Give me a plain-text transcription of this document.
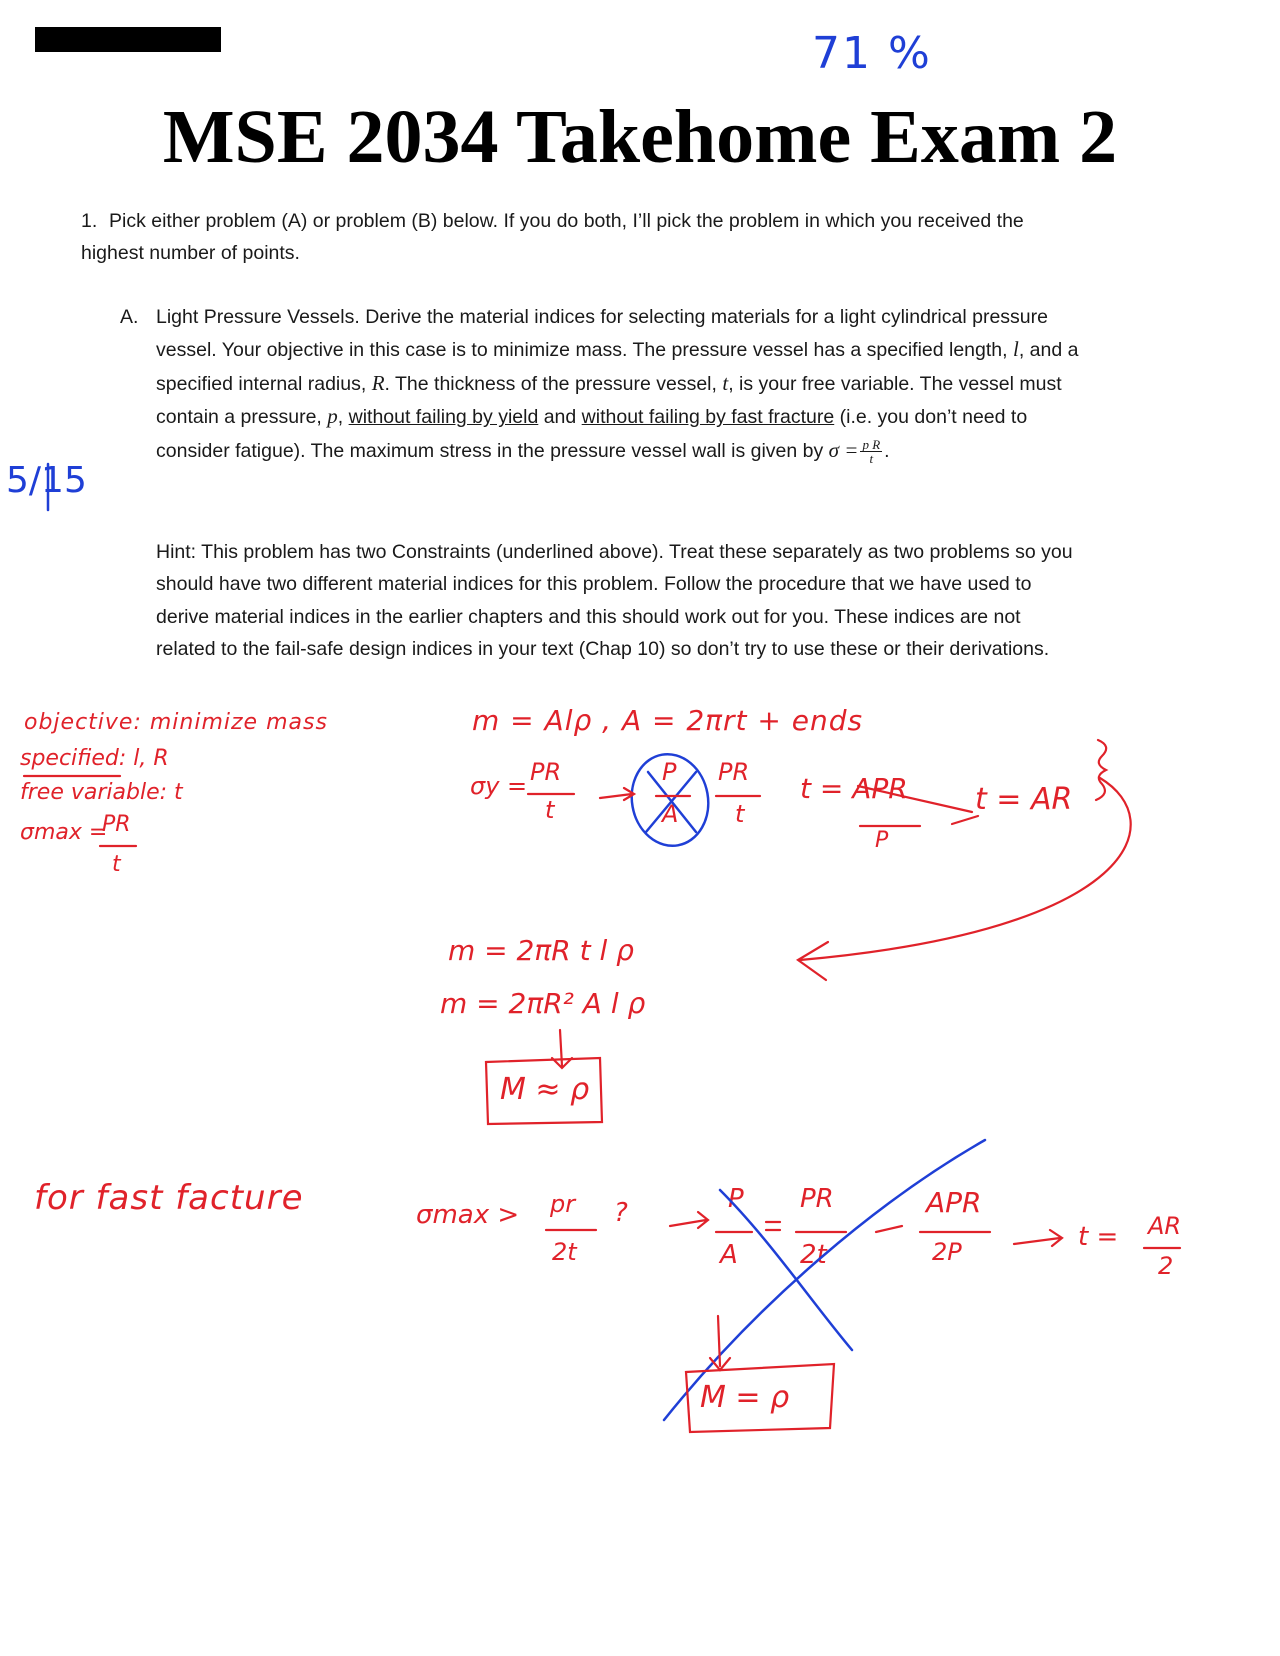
71 %
MSE 2034 Takehome Exam 2
1. Pick either problem (A) or problem (B) below. If you do both, I’ll pick the problem in which you received the highest number of points.
A. Light Pressure Vessels. Derive the material indices for selecting materials for a light cylindrical pressure vessel. Your objective in this case is to minimize mass. The pressure vessel has a specified length, l, and a specified internal radius, R. The thickness of the pressure vessel, t, is your free variable. The vessel must contain a pressure, p, without failing by yield and without failing by fast fracture (i.e. you don’t need to consider fatigue). The maximum stress in the pressure vessel wall is given by $\sigma = \frac{\text{p R}}{t}$ .
Hint: This problem has two Constraints (underlined above). Treat these separately as two problems so you should have two different material indices for this problem. Follow the procedure that we have used to derive material indices in the earlier chapters and this should work out for you. These indices are not related to the fail-safe design indices in your text (Chap 10) so don’t try to use these or their derivations.
5/15
objective: minimize mass
specified: l, R
free variable: t
σmax =
PR
t
m = Alρ , A = 2πrt + ends
σy = PR
t
P
A
PR
t
t = APR
P
t = AR
m = 2πR t l ρ
m = 2πR² A l ρ
M ≈ ρ
for fast facture	σmax > pr
2t
?	P
A
PR
2t
APR
2P	t = AR
2
M = ρ
